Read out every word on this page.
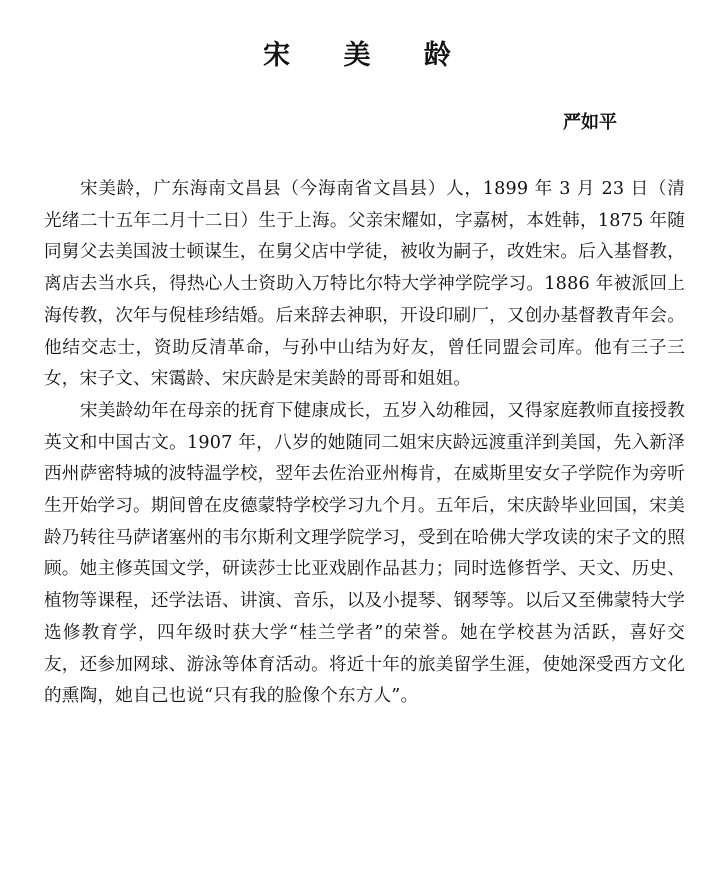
宋 美 龄
严如平

宋美龄，广东海南文昌县（今海南省文昌县）人，1899 年 3 月 23 日（清光绪二十五年二月十二日）生于上海。父亲宋耀如，字嘉树，本姓韩，1875 年随同舅父去美国波士顿谋生，在舅父店中学徒，被收为嗣子，改姓宋。后入基督教，离店去当水兵，得热心人士资助入万特比尔特大学神学院学习。1886 年被派回上海传教，次年与倪桂珍结婚。后来辞去神职，开设印刷厂，又创办基督教青年会。他结交志士，资助反清革命，与孙中山结为好友，曾任同盟会司库。他有三子三女，宋子文、宋霭龄、宋庆龄是宋美龄的哥哥和姐姐。

宋美龄幼年在母亲的抚育下健康成长，五岁入幼稚园，又得家庭教师直接授教英文和中国古文。1907 年，八岁的她随同二姐宋庆龄远渡重洋到美国，先入新泽西州萨密特城的波特温学校，翌年去佐治亚州梅肯，在威斯里安女子学院作为旁听生开始学习。期间曾在皮德蒙特学校学习九个月。五年后，宋庆龄毕业回国，宋美龄乃转往马萨诸塞州的韦尔斯利文理学院学习，受到在哈佛大学攻读的宋子文的照顾。她主修英国文学，研读莎士比亚戏剧作品甚力；同时选修哲学、天文、历史、植物等课程，还学法语、讲演、音乐，以及小提琴、钢琴等。以后又至佛蒙特大学选修教育学，四年级时获大学“桂兰学者”的荣誉。她在学校甚为活跃，喜好交友，还参加网球、游泳等体育活动。将近十年的旅美留学生涯，使她深受西方文化的熏陶，她自己也说“只有我的脸像个东方人”。
